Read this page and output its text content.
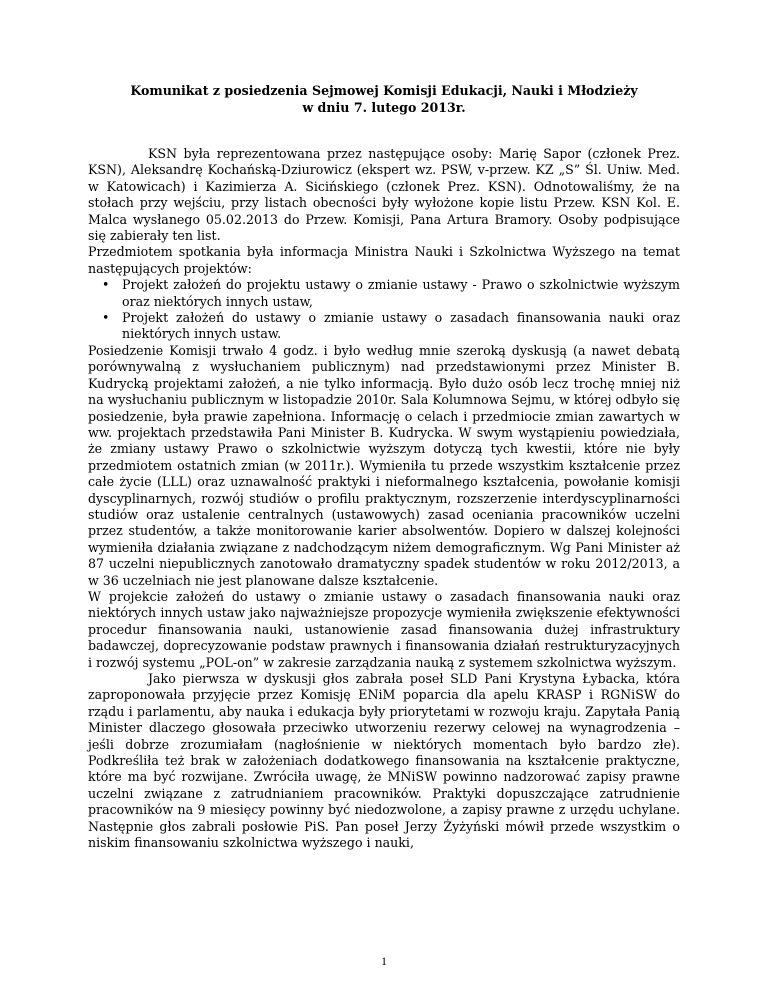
Komunikat z posiedzenia Sejmowej Komisji Edukacji, Nauki i Młodzieży
w dniu 7. lutego 2013r.

KSN była reprezentowana przez następujące osoby: Marię Sapor (członek Prez. KSN), Aleksandrę Kochańską-Dziurowicz (ekspert wz. PSW, v-przew. KZ „S” Śl. Uniw. Med. w Katowicach) i Kazimierza A. Sicińskiego (członek Prez. KSN). Odnotowaliśmy, że na stołach przy wejściu, przy listach obecności były wyłożone kopie listu Przew. KSN Kol. E. Malca wysłanego 05.02.2013 do Przew. Komisji, Pana Artura Bramory. Osoby podpisujące się zabierały ten list.

Przedmiotem spotkania była informacja Ministra Nauki i Szkolnictwa Wyższego na temat następujących projektów:

• Projekt założeń do projektu ustawy o zmianie ustawy - Prawo o szkolnictwie wyższym oraz niektórych innych ustaw,
• Projekt założeń do ustawy o zmianie ustawy o zasadach finansowania nauki oraz niektórych innych ustaw.

Posiedzenie Komisji trwało 4 godz. i było według mnie szeroką dyskusją (a nawet debatą porównywalną z wysłuchaniem publicznym) nad przedstawionymi przez Minister B. Kudrycką projektami założeń, a nie tylko informacją. Było dużo osób lecz trochę mniej niż na wysłuchaniu publicznym w listopadzie 2010r. Sala Kolumnowa Sejmu, w której odbyło się posiedzenie, była prawie zapełniona. Informację o celach i przedmiocie zmian zawartych w ww. projektach przedstawiła Pani Minister B. Kudrycka. W swym wystąpieniu powiedziała, że zmiany ustawy Prawo o szkolnictwie wyższym dotyczą tych kwestii, które nie były przedmiotem ostatnich zmian (w 2011r.). Wymieniła tu przede wszystkim kształcenie przez całe życie (LLL) oraz uznawalność praktyki i nieformalnego kształcenia, powołanie komisji dyscyplinarnych, rozwój studiów o profilu praktycznym, rozszerzenie interdyscyplinarności studiów oraz ustalenie centralnych (ustawowych) zasad oceniania pracowników uczelni przez studentów, a także monitorowanie karier absolwentów. Dopiero w dalszej kolejności wymieniła działania związane z nadchodzącym niżem demograficznym. Wg Pani Minister aż 87 uczelni niepublicznych zanotowało dramatyczny spadek studentów w roku 2012/2013, a w 36 uczelniach nie jest planowane dalsze kształcenie.

W projekcie założeń do ustawy o zmianie ustawy o zasadach finansowania nauki oraz niektórych innych ustaw jako najważniejsze propozycje wymieniła zwiększenie efektywności procedur finansowania nauki, ustanowienie zasad finansowania dużej infrastruktury badawczej, doprecyzowanie podstaw prawnych i finansowania działań restrukturyzacyjnych i rozwój systemu „POL-on” w zakresie zarządzania nauką z systemem szkolnictwa wyższym.

Jako pierwsza w dyskusji głos zabrała poseł SLD Pani Krystyna Łybacka, która zaproponowała przyjęcie przez Komisję ENiM poparcia dla apelu KRASP i RGNiSW do rządu i parlamentu, aby nauka i edukacja były priorytetami w rozwoju kraju. Zapytała Panią Minister dlaczego głosowała przeciwko utworzeniu rezerwy celowej na wynagrodzenia – jeśli dobrze zrozumiałam (nagłośnienie w niektórych momentach było bardzo złe). Podkreśliła też brak w założeniach dodatkowego finansowania na kształcenie praktyczne, które ma być rozwijane. Zwróciła uwagę, że MNiSW powinno nadzorować zapisy prawne uczelni związane z zatrudnianiem pracowników. Praktyki dopuszczające zatrudnienie pracowników na 9 miesięcy powinny być niedozwolone, a zapisy prawne z urzędu uchylane. Następnie głos zabrali posłowie PiS. Pan poseł Jerzy Żyżyński mówił przede wszystkim o niskim finansowaniu szkolnictwa wyższego i nauki,

1
